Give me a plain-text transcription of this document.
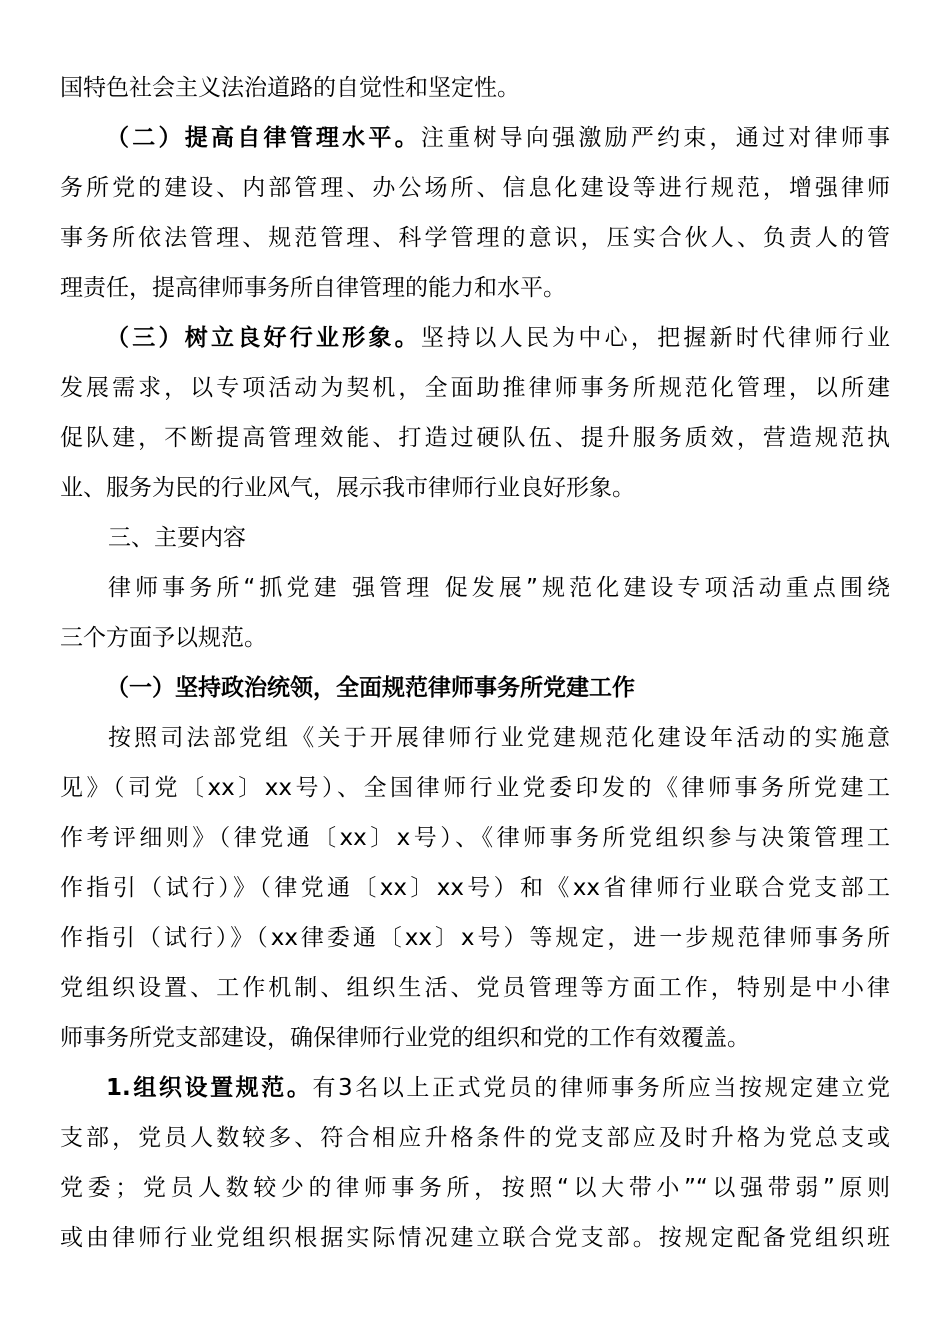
国特色社会主义法治道路的自觉性和坚定性。
（二）提高自律管理水平。注重树导向强激励严约束，通过对律师事
务所党的建设、内部管理、办公场所、信息化建设等进行规范，增强律师
事务所依法管理、规范管理、科学管理的意识，压实合伙人、负责人的管
理责任，提高律师事务所自律管理的能力和水平。
（三）树立良好行业形象。坚持以人民为中心，把握新时代律师行业
发展需求，以专项活动为契机，全面助推律师事务所规范化管理，以所建
促队建，不断提高管理效能、打造过硬队伍、提升服务质效，营造规范执
业、服务为民的行业风气，展示我市律师行业良好形象。
三、主要内容
律师事务所“抓党建 强管理 促发展”规范化建设专项活动重点围绕
三个方面予以规范。
（一）坚持政治统领，全面规范律师事务所党建工作
按照司法部党组《关于开展律师行业党建规范化建设年活动的实施意
见》（司党〔xx〕xx号）、全国律师行业党委印发的《律师事务所党建工
作考评细则》（律党通〔xx〕x号）、《律师事务所党组织参与决策管理工
作指引（试行）》（律党通〔xx〕xx号）和《xx省律师行业联合党支部工
作指引（试行）》（xx律委通〔xx〕x号）等规定，进一步规范律师事务所
党组织设置、工作机制、组织生活、党员管理等方面工作，特别是中小律
师事务所党支部建设，确保律师行业党的组织和党的工作有效覆盖。
1.组织设置规范。有3名以上正式党员的律师事务所应当按规定建立党
支部，党员人数较多、符合相应升格条件的党支部应及时升格为党总支或
党委；党员人数较少的律师事务所，按照“以大带小”“以强带弱”原则
或由律师行业党组织根据实际情况建立联合党支部。按规定配备党组织班
